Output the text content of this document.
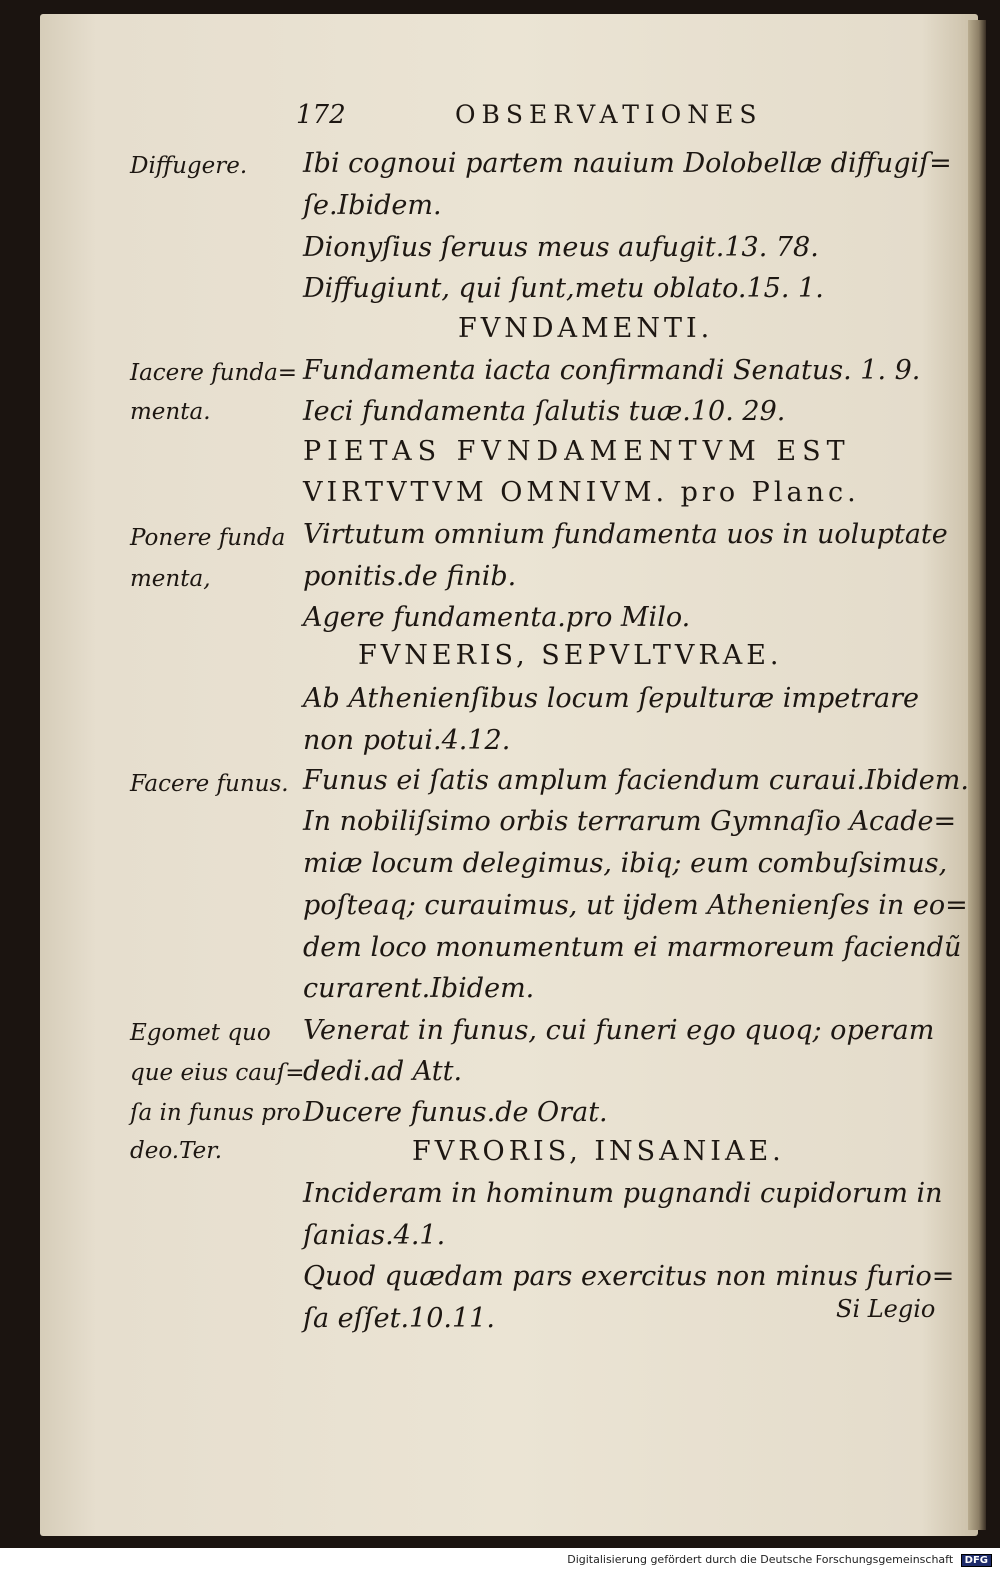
172	OBSERVATIONES
Ibi cognoui partem nauium Dolobellæ diffugiſ=
ſe.Ibidem.
Dionyſius ſeruus meus aufugit.13. 78.
Diffugiunt, qui ſunt,metu oblato.15. 1.
FVNDAMENTI.
Fundamenta iacta confirmandi Senatus. 1. 9.
Ieci fundamenta ſalutis tuæ.10. 29.
PIETAS FVNDAMENTVM EST
VIRTVTVM OMNIVM. pro Planc.
Virtutum omnium fundamenta uos in uoluptate
ponitis.de finib.
Agere fundamenta.pro Milo.
FVNERIS, SEPVLTVRAE.
Ab Athenienſibus locum ſepulturæ impetrare
non potui.4.12.
Funus ei ſatis amplum faciendum curaui.Ibidem.
In nobiliſsimo orbis terrarum Gymnaſio Acade=
miæ locum delegimus, ibiq; eum combuſsimus,
poſteaq; curauimus, ut ijdem Athenienſes in eo=
dem loco monumentum ei marmoreum faciendũ
curarent.Ibidem.
Venerat in funus, cui funeri ego quoq; operam
dedi.ad Att.
Ducere funus.de Orat.
FVRORIS, INSANIAE.
Incideram in hominum pugnandi cupidorum in
ſanias.4.1.
Quod quædam pars exercitus non minus furio=
ſa eſſet.10.11.
Diffugere.
Iacere funda=
menta.
Ponere funda
menta,
Facere funus.
Egomet quo
que eius cauſ=
ſa in funus pro
deo.Ter.
Si Legio
Digitalisierung gefördert durch die Deutsche Forschungsgemeinschaft DFG
